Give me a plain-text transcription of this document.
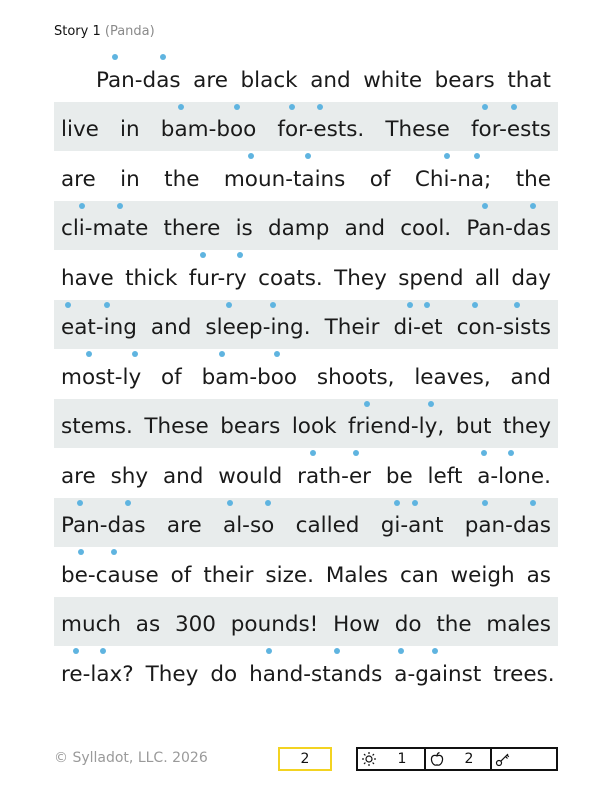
Story 1 (Panda)
Pan-das are black and white bears that
live in bam-boo for-ests. These for-ests
are in the moun-tains of Chi-na; the
cli-mate there is damp and cool. Pan-das
have thick fur-ry coats. They spend all day
eat-ing and sleep-ing. Their di-et con-sists
most-ly of bam-boo shoots, leaves, and
stems. These bears look friend-ly, but they
are shy and would rath-er be left a-lone.
Pan-das are al-so called gi-ant pan-das
be-cause of their size. Males can weigh as
much as 300 pounds! How do the males
re-lax? They do hand-stands a-gainst trees.
© Sylladot, LLC. 2026	2	1	2
